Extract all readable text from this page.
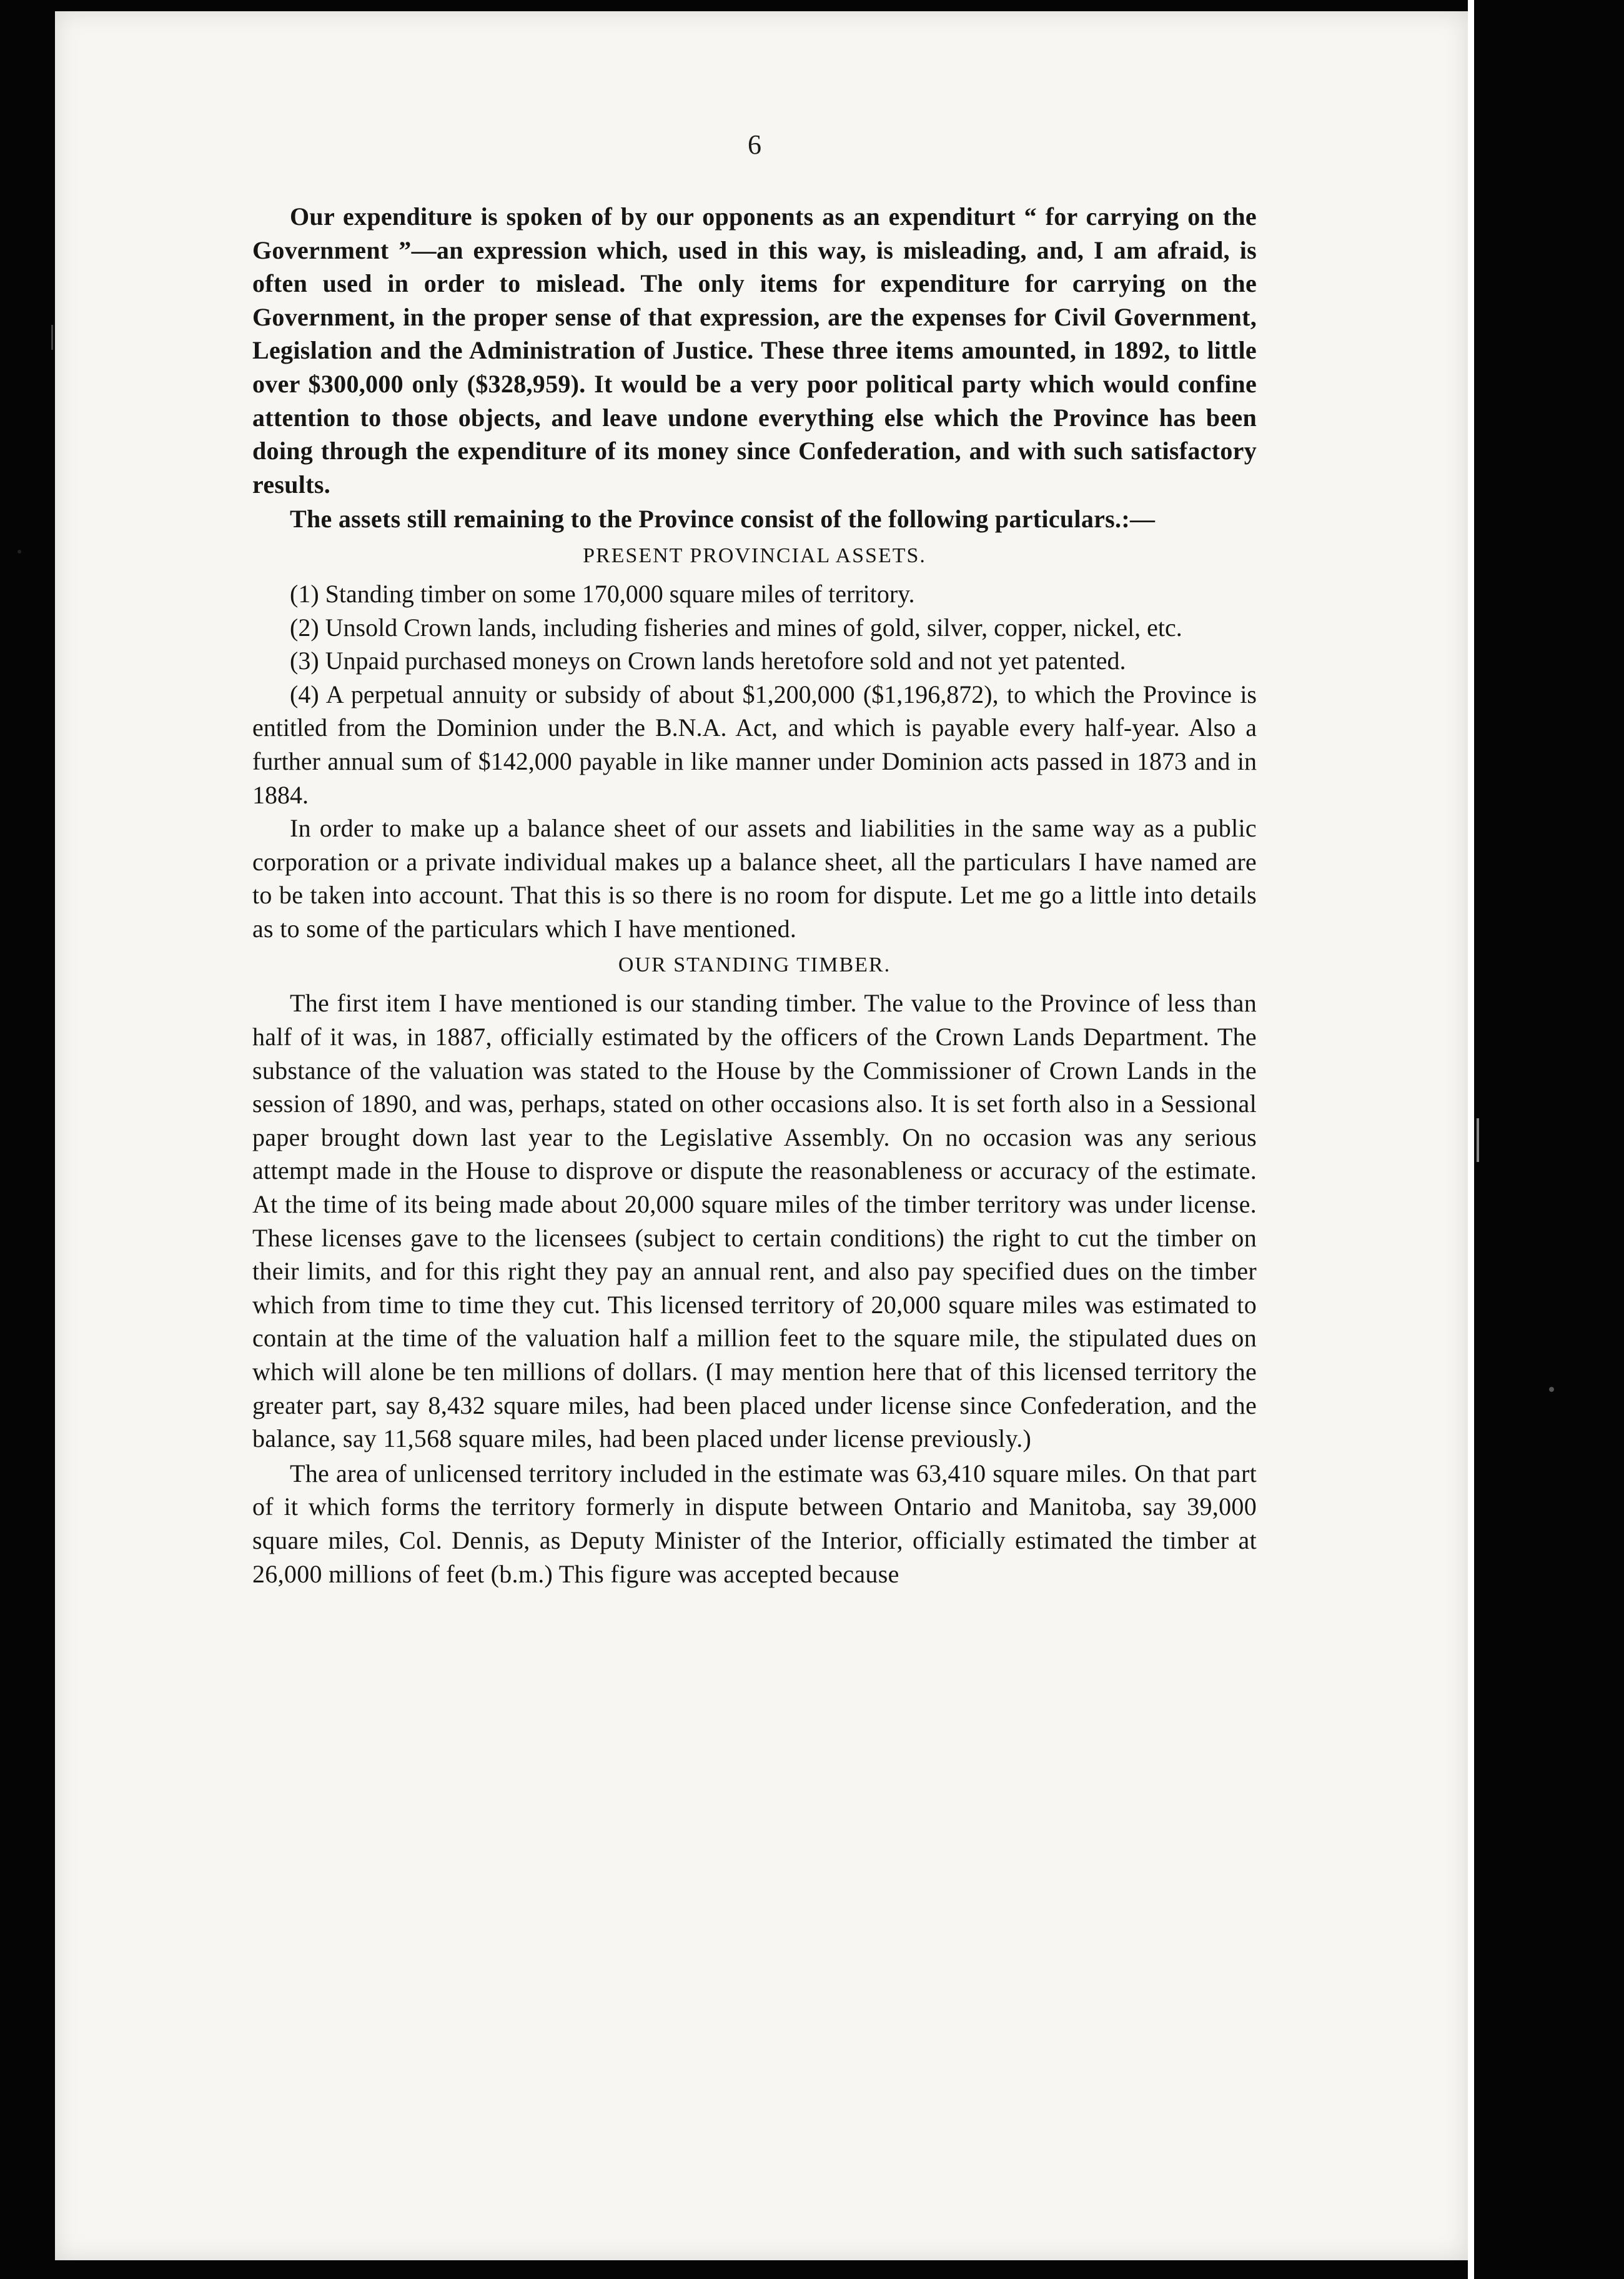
6

Our expenditure is spoken of by our opponents as an expenditurt “ for carrying on the Government ”—an expression which, used in this way, is misleading, and, I am afraid, is often used in order to mislead. The only items for expenditure for carrying on the Government, in the proper sense of that expression, are the expenses for Civil Government, Legislation and the Administration of Justice. These three items amounted, in 1892, to little over $300,000 only ($328,959). It would be a very poor political party which would confine attention to those objects, and leave undone everything else which the Province has been doing through the expenditure of its money since Confederation, and with such satisfactory results.

The assets still remaining to the Province consist of the following particulars.:—

PRESENT PROVINCIAL ASSETS.

(1) Standing timber on some 170,000 square miles of territory.

(2) Unsold Crown lands, including fisheries and mines of gold, silver, copper, nickel, etc.

(3) Unpaid purchased moneys on Crown lands heretofore sold and not yet patented.

(4) A perpetual annuity or subsidy of about $1,200,000 ($1,196,872), to which the Province is entitled from the Dominion under the B.N.A. Act, and which is payable every half-year. Also a further annual sum of $142,000 payable in like manner under Dominion acts passed in 1873 and in 1884.

In order to make up a balance sheet of our assets and liabilities in the same way as a public corporation or a private individual makes up a balance sheet, all the particulars I have named are to be taken into account. That this is so there is no room for dispute. Let me go a little into details as to some of the particulars which I have mentioned.

OUR STANDING TIMBER.

The first item I have mentioned is our standing timber. The value to the Province of less than half of it was, in 1887, officially estimated by the officers of the Crown Lands Department. The substance of the valuation was stated to the House by the Commissioner of Crown Lands in the session of 1890, and was, perhaps, stated on other occasions also. It is set forth also in a Sessional paper brought down last year to the Legislative Assembly. On no occasion was any serious attempt made in the House to disprove or dispute the reasonableness or accuracy of the estimate. At the time of its being made about 20,000 square miles of the timber territory was under license. These licenses gave to the licensees (subject to certain conditions) the right to cut the timber on their limits, and for this right they pay an annual rent, and also pay specified dues on the timber which from time to time they cut. This licensed territory of 20,000 square miles was estimated to contain at the time of the valuation half a million feet to the square mile, the stipulated dues on which will alone be ten millions of dollars. (I may mention here that of this licensed territory the greater part, say 8,432 square miles, had been placed under license since Confederation, and the balance, say 11,568 square miles, had been placed under license previously.)

The area of unlicensed territory included in the estimate was 63,410 square miles. On that part of it which forms the territory formerly in dispute between Ontario and Manitoba, say 39,000 square miles, Col. Dennis, as Deputy Minister of the Interior, officially estimated the timber at 26,000 millions of feet (b.m.) This figure was accepted because
